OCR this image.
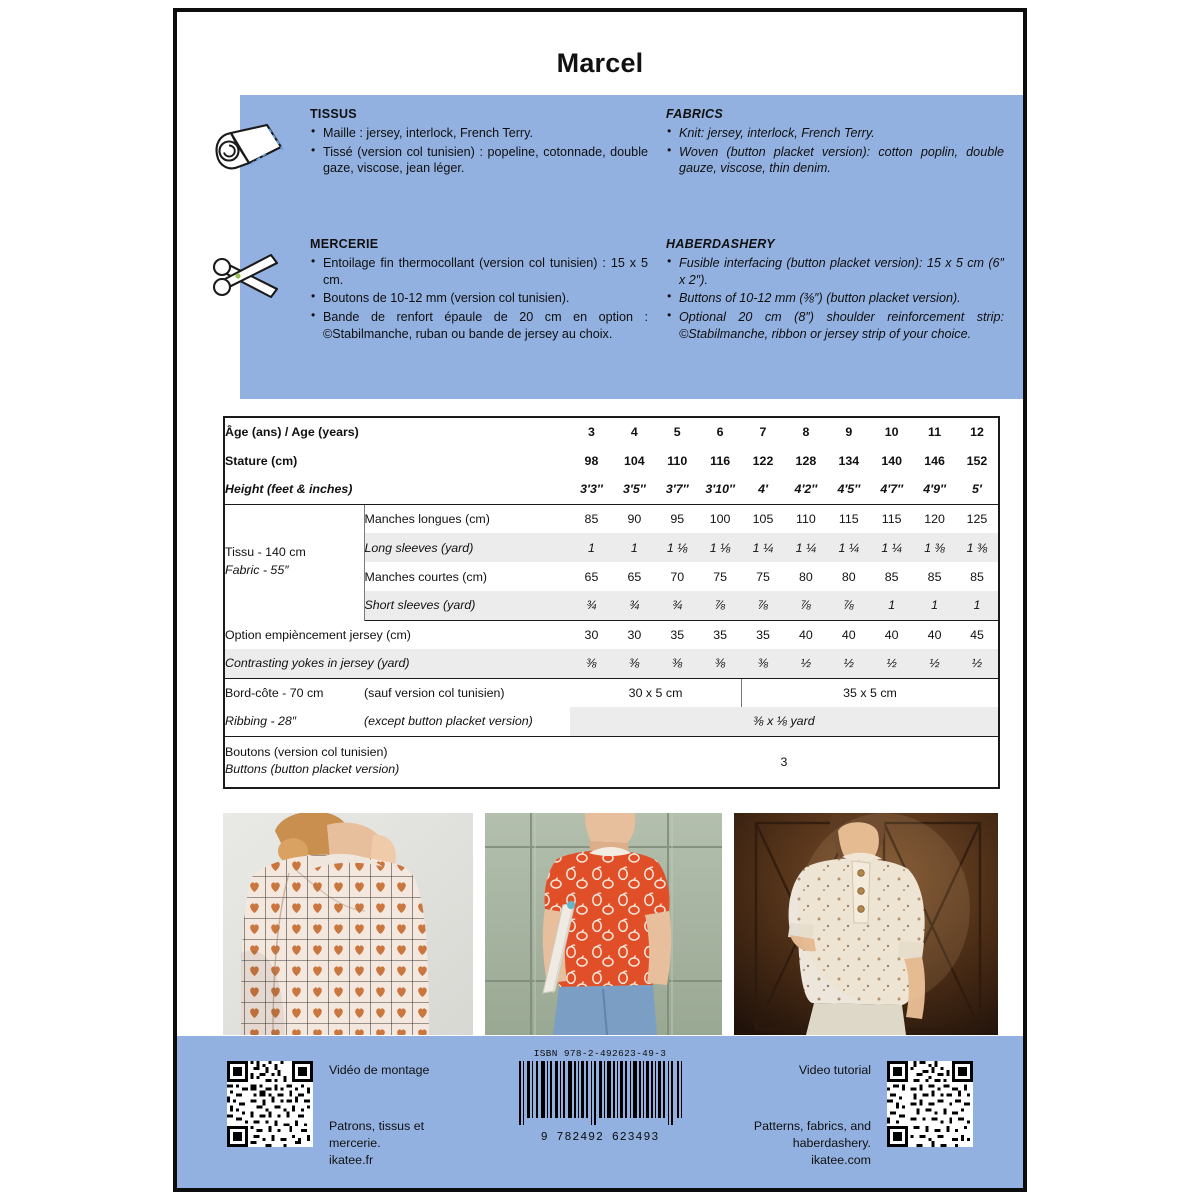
Marcel
TISSUS
• Maille : jersey, interlock, French Terry.
• Tissé (version col tunisien) : popeline, cotonnade, double gaze, viscose, jean léger.
FABRICS
• Knit: jersey, interlock, French Terry.
• Woven (button placket version): cotton poplin, double gauze, viscose, thin denim.
MERCERIE
• Entoilage fin thermocollant (version col tunisien) : 15 x 5 cm.
• Boutons de 10-12 mm (version col tunisien).
• Bande de renfort épaule de 20 cm en option : ©Stabilmanche, ruban ou bande de jersey au choix.
HABERDASHERY
• Fusible interfacing (button placket version): 15 x 5 cm (6″ x 2″).
• Buttons of 10-12 mm (⅜″) (button placket version).
• Optional 20 cm (8″) shoulder reinforcement strip: ©Stabilmanche, ribbon or jersey strip of your choice.
Âge (ans) / Age (years)		3	4	5	6	7	8	9	10	11	12
Stature (cm)		98	104	110	116	122	128	134	140	146	152
Height (feet & inches)		3′3″	3′5″	3′7″	3′10″	4′	4′2″	4′5″	4′7″	4′9″	5′

Tissu - 140 cm
Fabric - 55″	Manches longues (cm)	85	90	95	100	105	110	115	115	120	125
	Long sleeves (yard)	1	1	1 ⅛	1 ⅛	1 ¼	1 ¼	1 ¼	1 ¼	1 ⅜	1 ⅜
	Manches courtes (cm)	65	65	70	75	75	80	80	85	85	85
	Short sleeves (yard)	¾	¾	¾	⅞	⅞	⅞	⅞	1	1	1
Option empièncement jersey (cm)		30	30	35	35	35	40	40	40	40	45
Contrasting yokes in jersey (yard)		⅜	⅜	⅜	⅜	⅜	½	½	½	½	½
Bord-côte - 70 cm	(sauf version col tunisien)	30 x 5 cm				35 x 5 cm					
Ribbing - 28″	(except button placket version)	⅜ x ⅛ yard									

Boutons (version col tunisien)
Buttons (button placket version)		3									
Vidéo de montage
Patrons, tissus et mercerie.
ikatee.fr
ISBN 978-2-492623-49-3
9 782492 623493
Video tutorial
Patterns, fabrics, and haberdashery.
ikatee.com
